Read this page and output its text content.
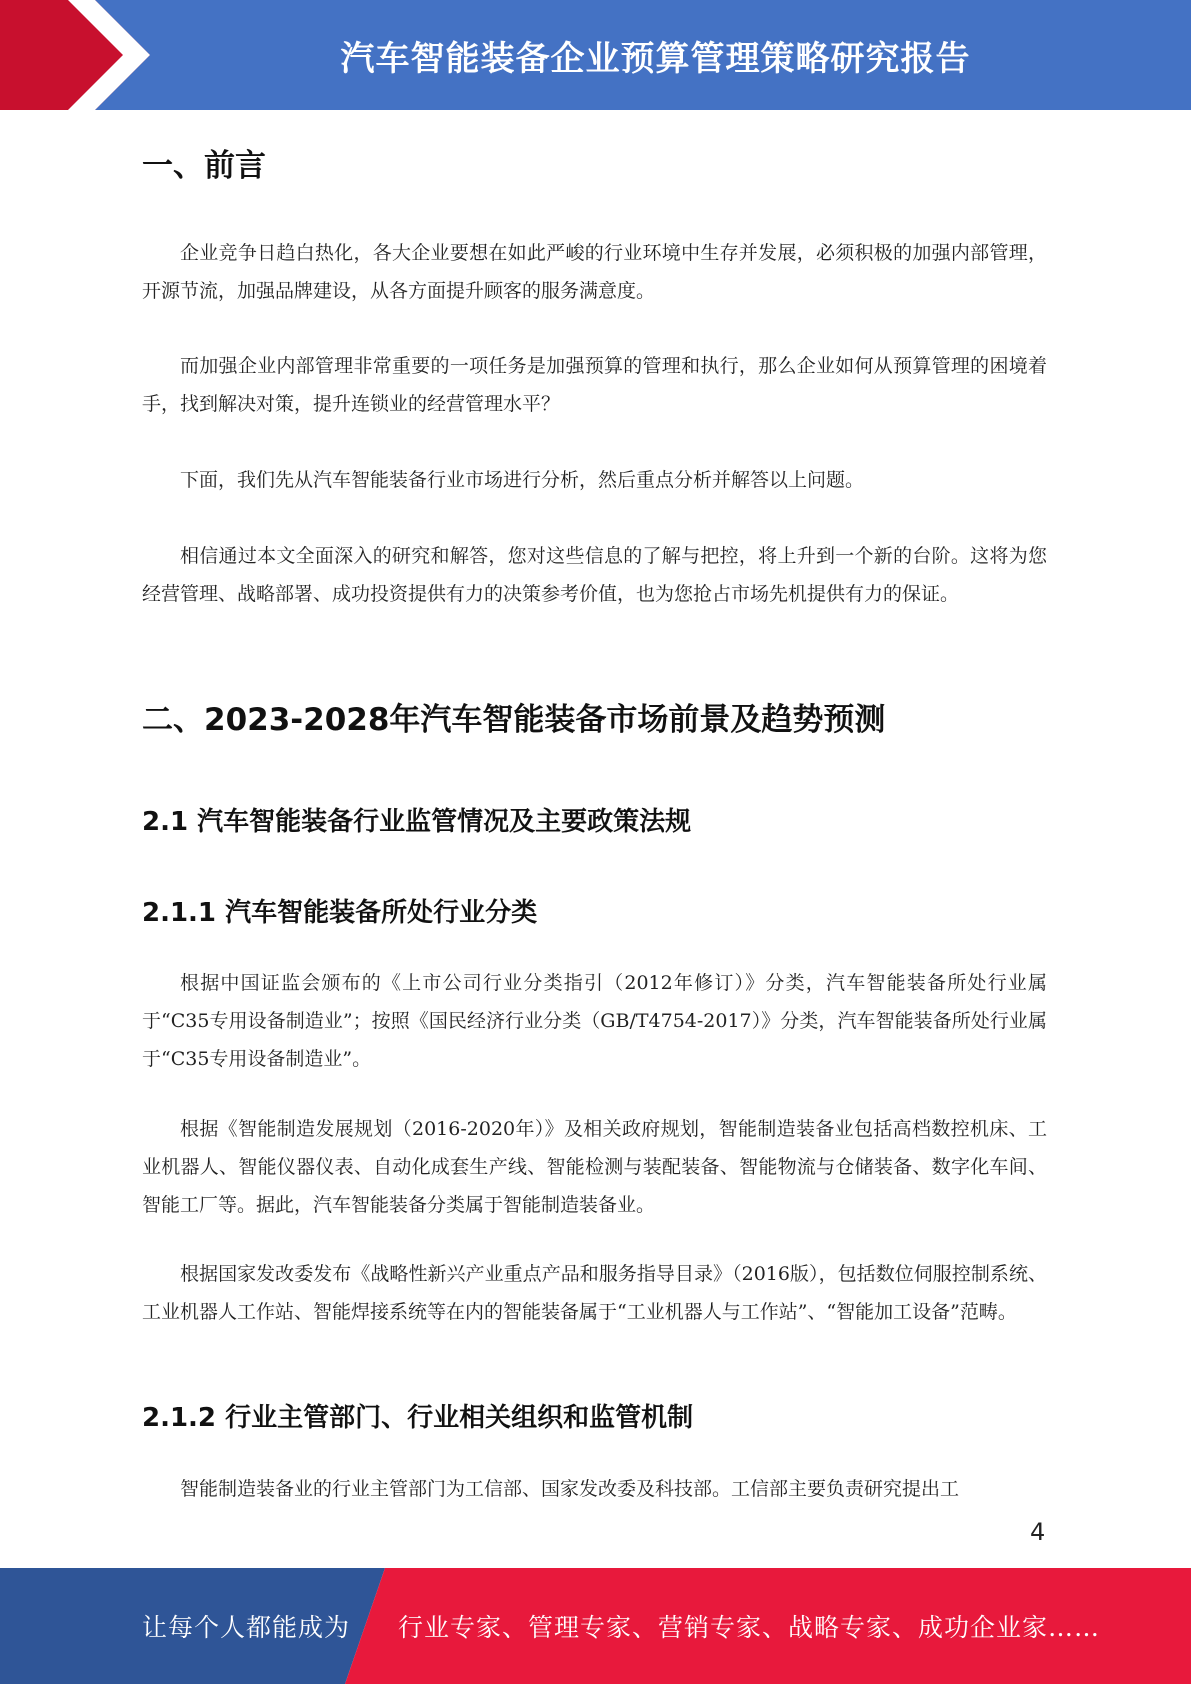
汽车智能装备企业预算管理策略研究报告
一、前言
企业竞争日趋白热化，各大企业要想在如此严峻的行业环境中生存并发展，必须积极的加强内部管理，开源节流，加强品牌建设，从各方面提升顾客的服务满意度。
而加强企业内部管理非常重要的一项任务是加强预算的管理和执行，那么企业如何从预算管理的困境着手，找到解决对策，提升连锁业的经营管理水平？
下面，我们先从汽车智能装备行业市场进行分析，然后重点分析并解答以上问题。
相信通过本文全面深入的研究和解答，您对这些信息的了解与把控，将上升到一个新的台阶。这将为您经营管理、战略部署、成功投资提供有力的决策参考价值，也为您抢占市场先机提供有力的保证。
二、2023-2028年汽车智能装备市场前景及趋势预测
2.1 汽车智能装备行业监管情况及主要政策法规
2.1.1 汽车智能装备所处行业分类
根据中国证监会颁布的《上市公司行业分类指引（2012年修订）》分类，汽车智能装备所处行业属于“C35专用设备制造业”；按照《国民经济行业分类（GB/T4754-2017）》分类，汽车智能装备所处行业属于“C35专用设备制造业”。
根据《智能制造发展规划（2016-2020年）》及相关政府规划，智能制造装备业包括高档数控机床、工业机器人、智能仪器仪表、自动化成套生产线、智能检测与装配装备、智能物流与仓储装备、数字化车间、智能工厂等。据此，汽车智能装备分类属于智能制造装备业。
根据国家发改委发布《战略性新兴产业重点产品和服务指导目录》（2016版），包括数位伺服控制系统、工业机器人工作站、智能焊接系统等在内的智能装备属于“工业机器人与工作站”、“智能加工设备”范畴。
2.1.2 行业主管部门、行业相关组织和监管机制
智能制造装备业的行业主管部门为工信部、国家发改委及科技部。工信部主要负责研究提出工
4
让每个人都能成为 行业专家、管理专家、营销专家、战略专家、成功企业家……
